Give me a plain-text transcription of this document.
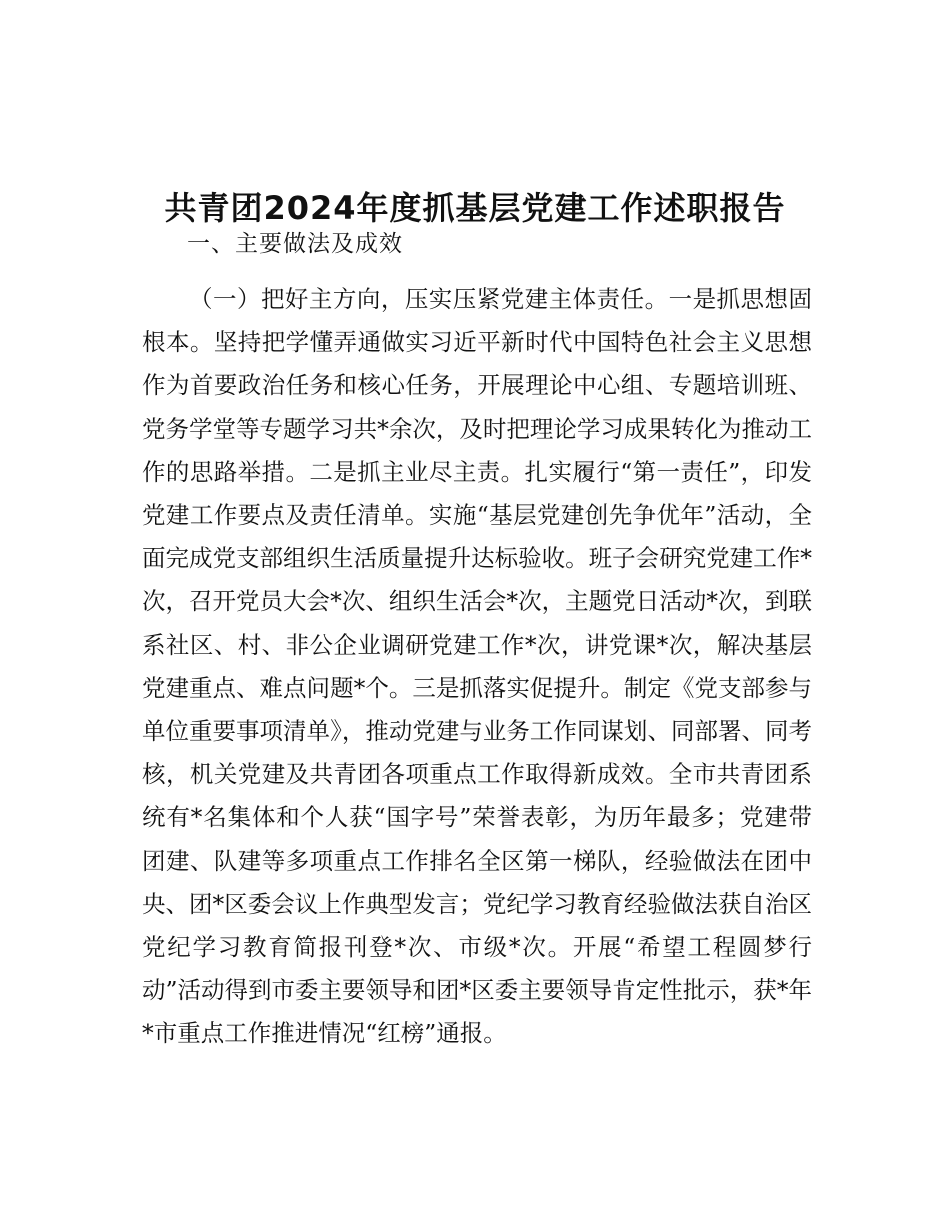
共青团2024年度抓基层党建工作述职报告
一、主要做法及成效

（一）把好主方向，压实压紧党建主体责任。一是抓思想固根本。坚持把学懂弄通做实习近平新时代中国特色社会主义思想作为首要政治任务和核心任务，开展理论中心组、专题培训班、党务学堂等专题学习共*余次，及时把理论学习成果转化为推动工作的思路举措。二是抓主业尽主责。扎实履行“第一责任”，印发党建工作要点及责任清单。实施“基层党建创先争优年”活动，全面完成党支部组织生活质量提升达标验收。班子会研究党建工作*次，召开党员大会*次、组织生活会*次，主题党日活动*次，到联系社区、村、非公企业调研党建工作*次，讲党课*次，解决基层党建重点、难点问题*个。三是抓落实促提升。制定《党支部参与单位重要事项清单》，推动党建与业务工作同谋划、同部署、同考核，机关党建及共青团各项重点工作取得新成效。全市共青团系统有*名集体和个人获“国字号”荣誉表彰，为历年最多；党建带团建、队建等多项重点工作排名全区第一梯队，经验做法在团中央、团*区委会议上作典型发言；党纪学习教育经验做法获自治区党纪学习教育简报刊登*次、市级*次。开展“希望工程圆梦行动”活动得到市委主要领导和团*区委主要领导肯定性批示，获*年*市重点工作推进情况“红榜”通报。
